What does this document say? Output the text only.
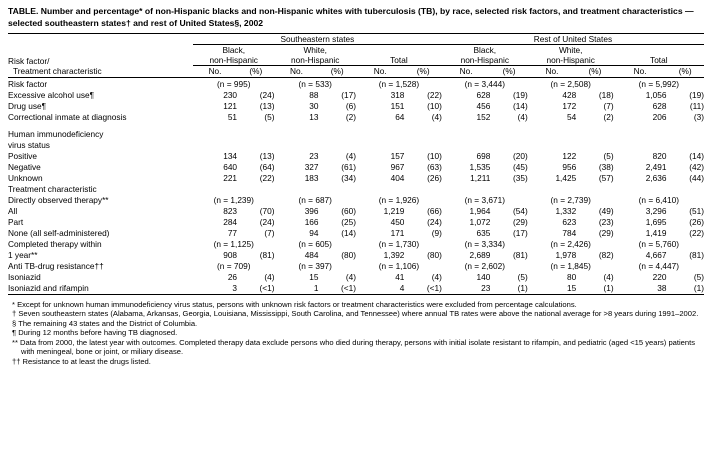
TABLE. Number and percentage* of non-Hispanic blacks and non-Hispanic whites with tuberculosis (TB), by race, selected risk factors, and treatment characteristics — selected southeastern states† and rest of United States§, 2002

	Southeastern states						Rest of United States					
	Black,		White,				Black,		White,			
Risk factor/	non-Hispanic		non-Hispanic		Total		non-Hispanic		non-Hispanic		Total	
Treatment characteristic	No.	(%)	No.	(%)	No.	(%)	No.	(%)	No.	(%)	No.	(%)

Risk factor	(n = 995)		(n = 533)		(n = 1,528)		(n = 3,444)		(n = 2,508)		(n = 5,992)	
Excessive alcohol use¶	230	(24)	88	(17)	318	(22)	628	(19)	428	(18)	1,056	(19)
Drug use¶	121	(13)	30	(6)	151	(10)	456	(14)	172	(7)	628	(11)
Correctional inmate at diagnosis	51	(5)	13	(2)	64	(4)	152	(4)	54	(2)	206	(3)

Human immunodeficiency												
virus status												
Positive	134	(13)	23	(4)	157	(10)	698	(20)	122	(5)	820	(14)
Negative	640	(64)	327	(61)	967	(63)	1,535	(45)	956	(38)	2,491	(42)
Unknown	221	(22)	183	(34)	404	(26)	1,211	(35)	1,425	(57)	2,636	(44)
Treatment characteristic												
Directly observed therapy**	(n = 1,239)		(n = 687)		(n = 1,926)		(n = 3,671)		(n = 2,739)		(n = 6,410)	
All	823	(70)	396	(60)	1,219	(66)	1,964	(54)	1,332	(49)	3,296	(51)
Part	284	(24)	166	(25)	450	(24)	1,072	(29)	623	(23)	1,695	(26)
None (all self-administered)	77	(7)	94	(14)	171	(9)	635	(17)	784	(29)	1,419	(22)
Completed therapy within	(n = 1,125)		(n = 605)		(n = 1,730)		(n = 3,334)		(n = 2,426)		(n = 5,760)	
1 year**	908	(81)	484	(80)	1,392	(80)	2,689	(81)	1,978	(82)	4,667	(81)
Anti TB-drug resistance††	(n = 709)		(n = 397)		(n = 1,106)		(n = 2,602)		(n = 1,845)		(n = 4,447)	
Isoniazid	26	(4)	15	(4)	41	(4)	140	(5)	80	(4)	220	(5)
Isoniazid and rifampin	3	(<1)	1	(<1)	4	(<1)	23	(1)	15	(1)	38	(1)

* Except for unknown human immunodeficiency virus status, persons with unknown risk factors or treatment characteristics were excluded from percentage calculations.

† Seven southeastern states (Alabama, Arkansas, Georgia, Louisiana, Mississippi, South Carolina, and Tennessee) where annual TB rates were above the national average for >8 years during 1991–2002.

§ The remaining 43 states and the District of Columbia.

¶ During 12 months before having TB diagnosed.

** Data from 2000, the latest year with outcomes. Completed therapy data exclude persons who died during therapy, persons with initial isolate resistant to rifampin, and pediatric (aged <15 years) patients with meningeal, bone or joint, or miliary disease.

†† Resistance to at least the drugs listed.
